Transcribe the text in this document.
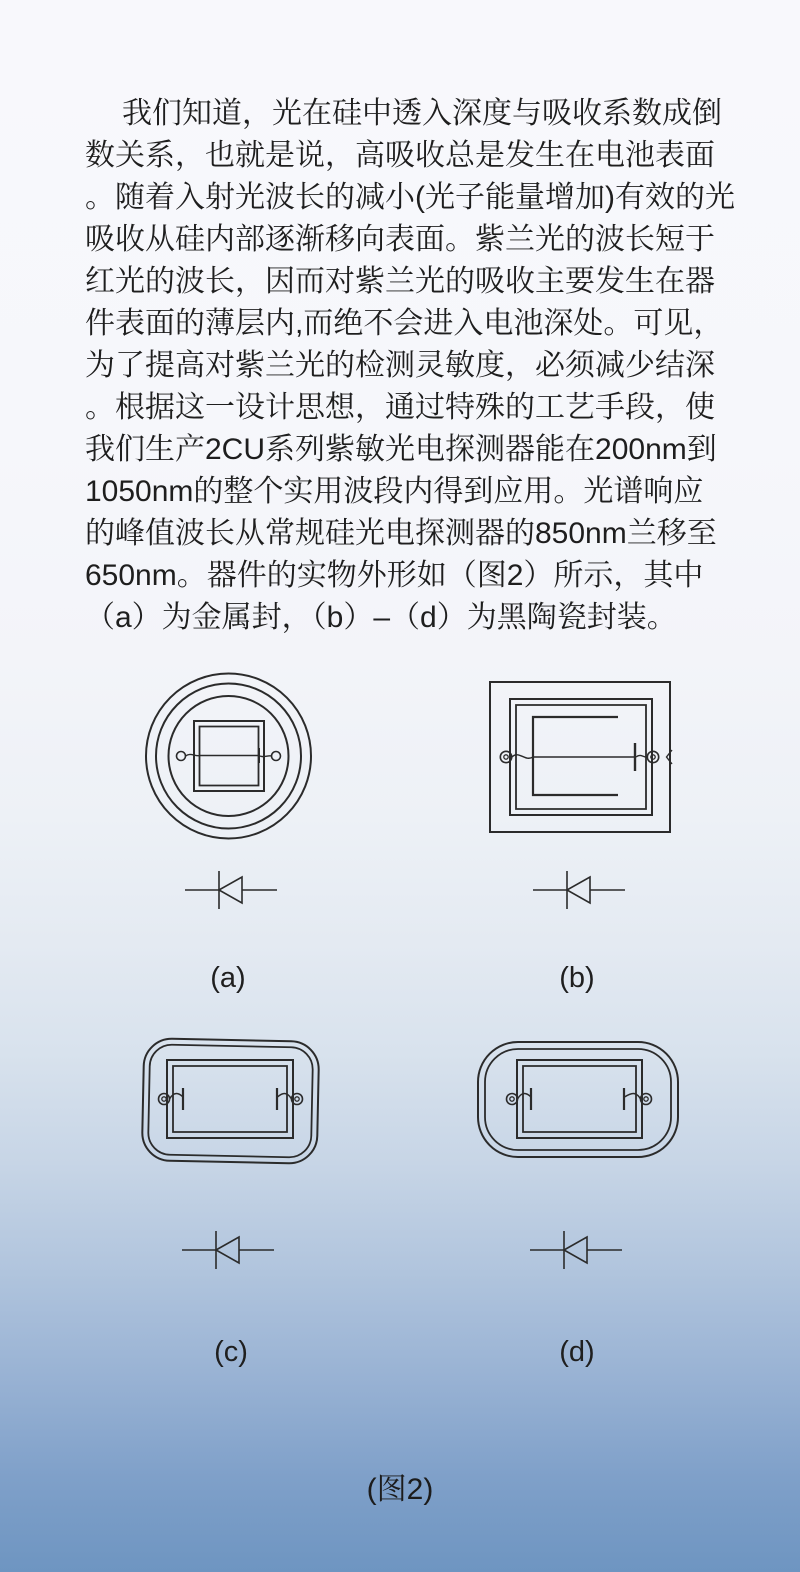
我们知道，光在硅中透入深度与吸收系数成倒
数关系，也就是说，高吸收总是发生在电池表面
。随着入射光波长的减小(光子能量增加)有效的光
吸收从硅内部逐渐移向表面。紫兰光的波长短于
红光的波长，因而对紫兰光的吸收主要发生在器
件表面的薄层内,而绝不会进入电池深处。可见，
为了提高对紫兰光的检测灵敏度，必须减少结深
。根据这一设计思想，通过特殊的工艺手段，使
我们生产2CU系列紫敏光电探测器能在200nm到
1050nm的整个实用波段内得到应用。光谱响应
的峰值波长从常规硅光电探测器的850nm兰移至
650nm。器件的实物外形如（图2）所示，其中
（a）为金属封，（b）–（d）为黑陶瓷封装。
(a)	(b)
(c)	(d)
(图2)
